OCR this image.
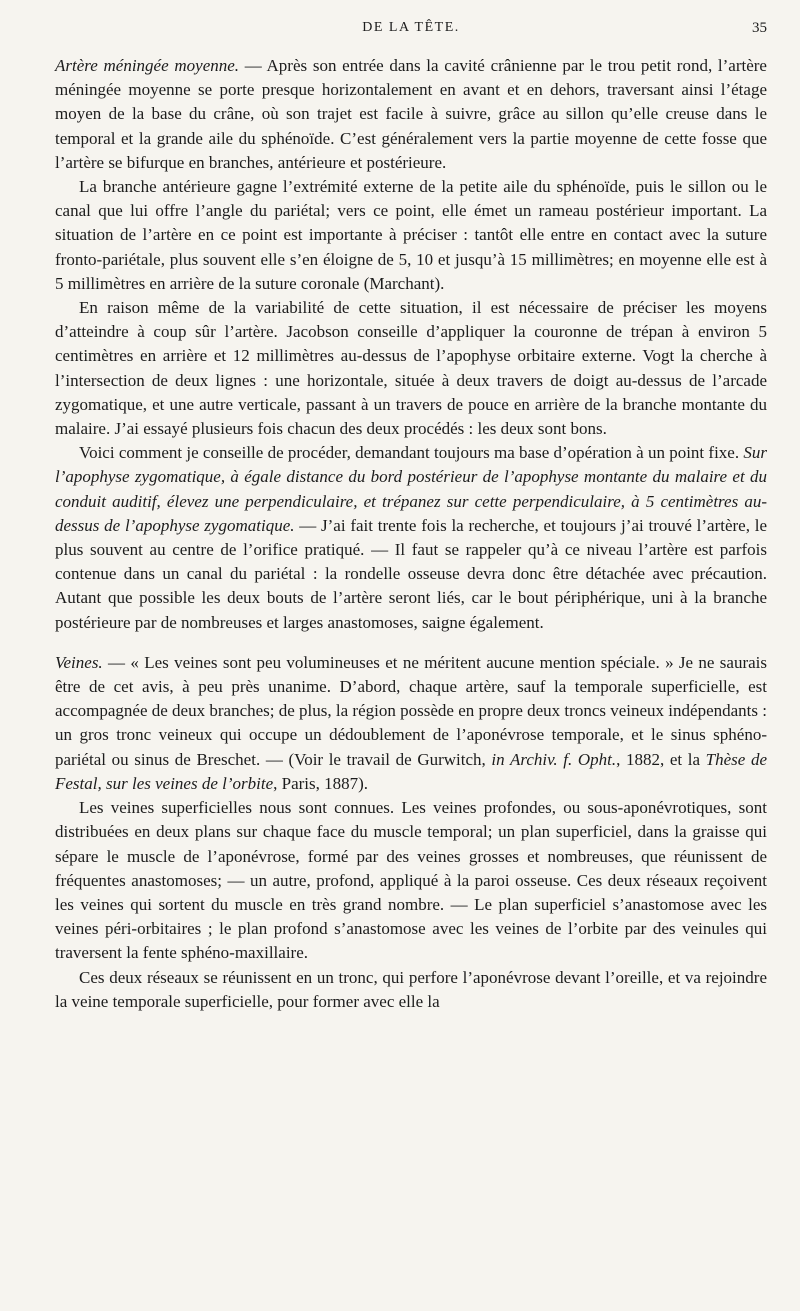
DE LA TÊTE.	35

Artère méningée moyenne. — Après son entrée dans la cavité crânienne par le trou petit rond, l’artère méningée moyenne se porte presque horizontalement en avant et en dehors, traversant ainsi l’étage moyen de la base du crâne, où son trajet est facile à suivre, grâce au sillon qu’elle creuse dans le temporal et la grande aile du sphénoïde. C’est généralement vers la partie moyenne de cette fosse que l’artère se bifurque en branches, antérieure et postérieure.

La branche antérieure gagne l’extrémité externe de la petite aile du sphénoïde, puis le sillon ou le canal que lui offre l’angle du pariétal; vers ce point, elle émet un rameau postérieur important. La situation de l’artère en ce point est importante à préciser : tantôt elle entre en contact avec la suture fronto-pariétale, plus souvent elle s’en éloigne de 5, 10 et jusqu’à 15 millimètres; en moyenne elle est à 5 millimètres en arrière de la suture coronale (Marchant).

En raison même de la variabilité de cette situation, il est nécessaire de préciser les moyens d’atteindre à coup sûr l’artère. Jacobson conseille d’appliquer la couronne de trépan à environ 5 centimètres en arrière et 12 millimètres au-dessus de l’apophyse orbitaire externe. Vogt la cherche à l’intersection de deux lignes : une horizontale, située à deux travers de doigt au-dessus de l’arcade zygomatique, et une autre verticale, passant à un travers de pouce en arrière de la branche montante du malaire. J’ai essayé plusieurs fois chacun des deux procédés : les deux sont bons.

Voici comment je conseille de procéder, demandant toujours ma base d’opération à un point fixe. Sur l’apophyse zygomatique, à égale distance du bord postérieur de l’apophyse montante du malaire et du conduit auditif, élevez une perpendiculaire, et trépanez sur cette perpendiculaire, à 5 centimètres au-dessus de l’apophyse zygomatique. — J’ai fait trente fois la recherche, et toujours j’ai trouvé l’artère, le plus souvent au centre de l’orifice pratiqué. — Il faut se rappeler qu’à ce niveau l’artère est parfois contenue dans un canal du pariétal : la rondelle osseuse devra donc être détachée avec précaution. Autant que possible les deux bouts de l’artère seront liés, car le bout périphérique, uni à la branche postérieure par de nombreuses et larges anastomoses, saigne également.

Veines. — « Les veines sont peu volumineuses et ne méritent aucune mention spéciale. » Je ne saurais être de cet avis, à peu près unanime. D’abord, chaque artère, sauf la temporale superficielle, est accompagnée de deux branches; de plus, la région possède en propre deux troncs veineux indépendants : un gros tronc veineux qui occupe un dédoublement de l’aponévrose temporale, et le sinus sphéno-pariétal ou sinus de Breschet. — (Voir le travail de Gurwitch, in Archiv. f. Opht., 1882, et la Thèse de Festal, sur les veines de l’orbite, Paris, 1887).

Les veines superficielles nous sont connues. Les veines profondes, ou sous-aponévrotiques, sont distribuées en deux plans sur chaque face du muscle temporal; un plan superficiel, dans la graisse qui sépare le muscle de l’aponévrose, formé par des veines grosses et nombreuses, que réunissent de fréquentes anastomoses; — un autre, profond, appliqué à la paroi osseuse. Ces deux réseaux reçoivent les veines qui sortent du muscle en très grand nombre. — Le plan superficiel s’anastomose avec les veines péri-orbitaires ; le plan profond s’anastomose avec les veines de l’orbite par des veinules qui traversent la fente sphéno-maxillaire.

Ces deux réseaux se réunissent en un tronc, qui perfore l’aponévrose devant l’oreille, et va rejoindre la veine temporale superficielle, pour former avec elle la
